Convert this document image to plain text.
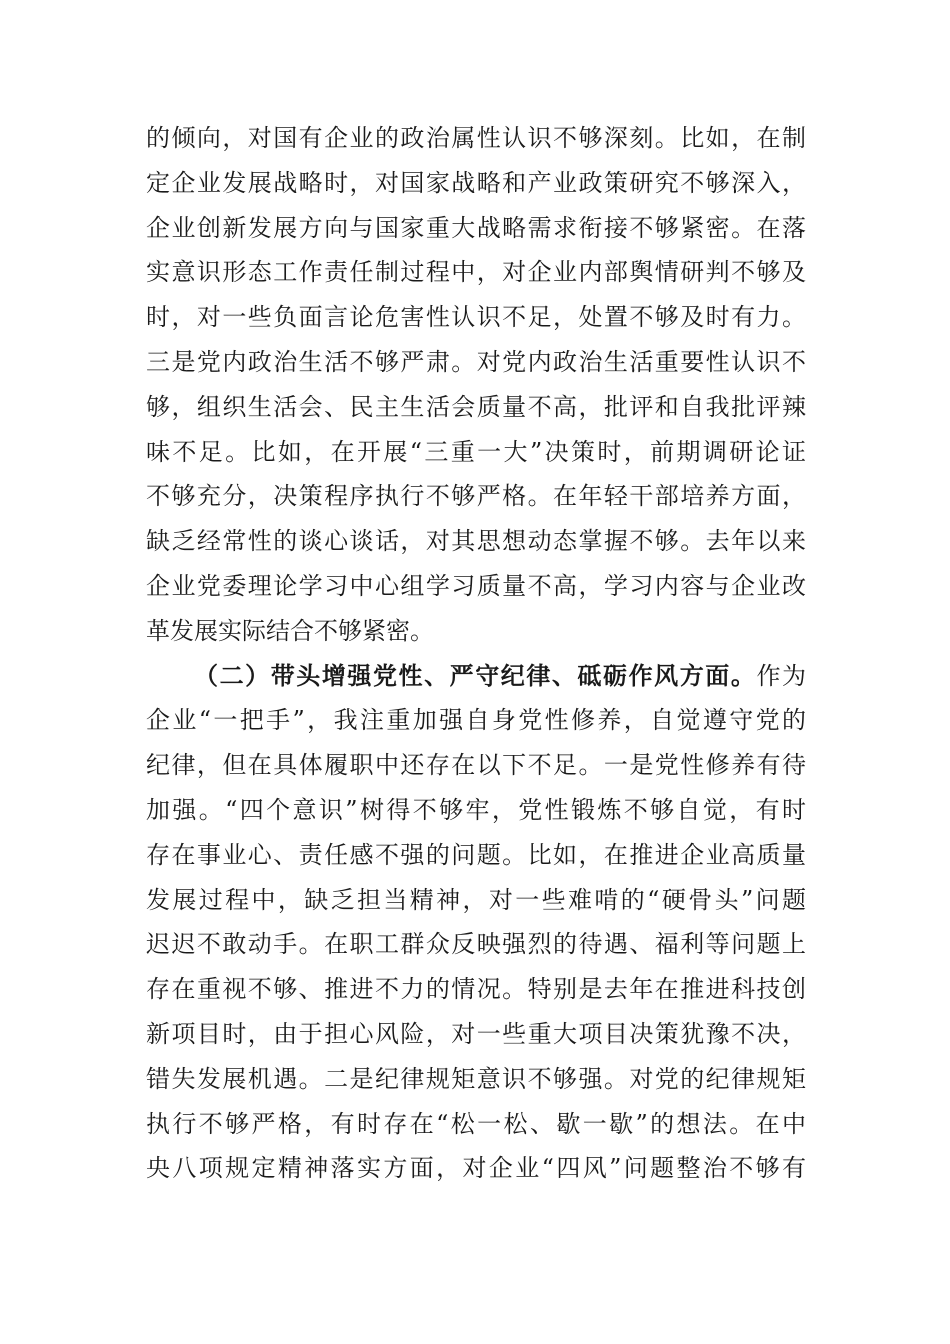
的倾向，对国有企业的政治属性认识不够深刻。比如，在制
定企业发展战略时，对国家战略和产业政策研究不够深入，
企业创新发展方向与国家重大战略需求衔接不够紧密。在落
实意识形态工作责任制过程中，对企业内部舆情研判不够及
时，对一些负面言论危害性认识不足，处置不够及时有力。
三是党内政治生活不够严肃。对党内政治生活重要性认识不
够，组织生活会、民主生活会质量不高，批评和自我批评辣
味不足。比如，在开展“三重一大”决策时，前期调研论证
不够充分，决策程序执行不够严格。在年轻干部培养方面，
缺乏经常性的谈心谈话，对其思想动态掌握不够。去年以来
企业党委理论学习中心组学习质量不高，学习内容与企业改
革发展实际结合不够紧密。
（二）带头增强党性、严守纪律、砥砺作风方面。作为
企业“一把手”，我注重加强自身党性修养，自觉遵守党的
纪律，但在具体履职中还存在以下不足。一是党性修养有待
加强。“四个意识”树得不够牢，党性锻炼不够自觉，有时
存在事业心、责任感不强的问题。比如，在推进企业高质量
发展过程中，缺乏担当精神，对一些难啃的“硬骨头”问题
迟迟不敢动手。在职工群众反映强烈的待遇、福利等问题上
存在重视不够、推进不力的情况。特别是去年在推进科技创
新项目时，由于担心风险，对一些重大项目决策犹豫不决，
错失发展机遇。二是纪律规矩意识不够强。对党的纪律规矩
执行不够严格，有时存在“松一松、歇一歇”的想法。在中
央八项规定精神落实方面，对企业“四风”问题整治不够有
